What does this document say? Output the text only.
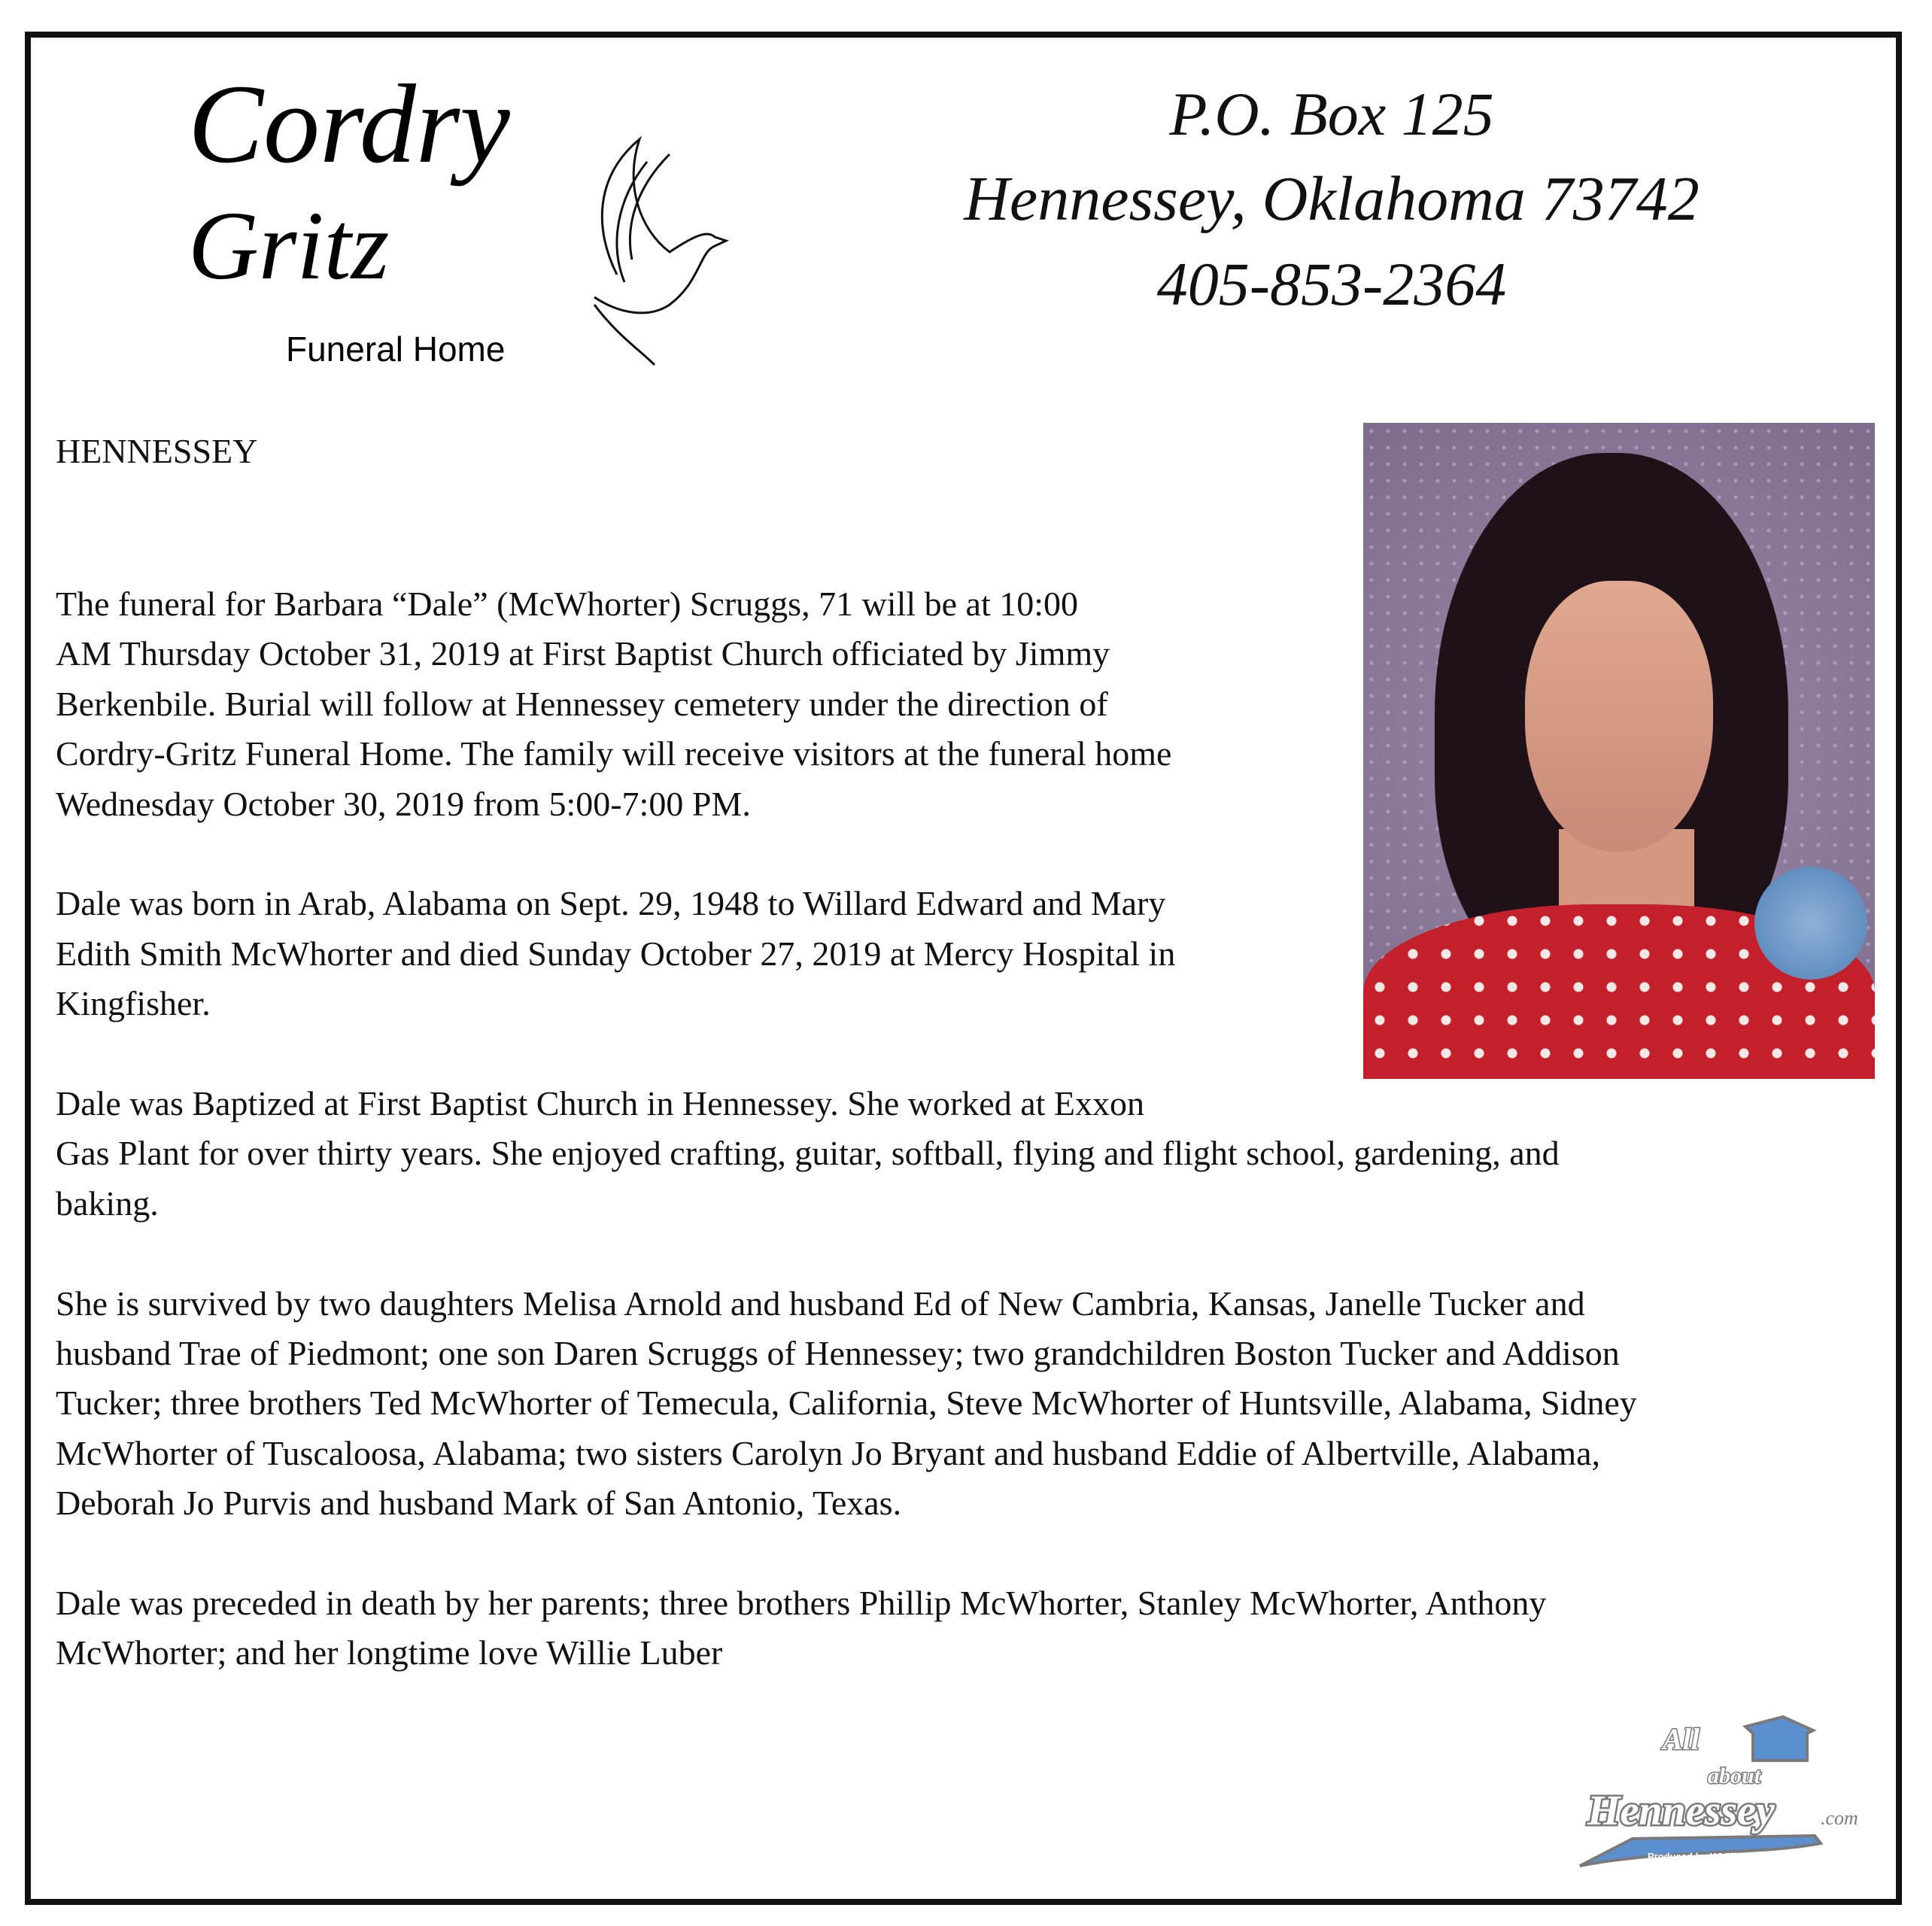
Cordry
Gritz
Funeral Home
P.O. Box 125
Hennessey, Oklahoma 73742
405-853-2364
HENNESSEY
The funeral for Barbara “Dale” (McWhorter) Scruggs, 71 will be at 10:00
AM Thursday October 31, 2019 at First Baptist Church officiated by Jimmy
Berkenbile. Burial will follow at Hennessey cemetery under the direction of
Cordry-Gritz Funeral Home. The family will receive visitors at the funeral home
Wednesday October 30, 2019 from 5:00-7:00 PM.
Dale was born in Arab, Alabama on Sept. 29, 1948 to Willard Edward and Mary
Edith Smith McWhorter and died Sunday October 27, 2019 at Mercy Hospital in
Kingfisher.
Dale was Baptized at First Baptist Church in Hennessey. She worked at Exxon
Gas Plant for over thirty years. She enjoyed crafting, guitar, softball, flying and flight school, gardening, and
baking.
She is survived by two daughters Melisa Arnold and husband Ed of New Cambria, Kansas, Janelle Tucker and
husband Trae of Piedmont; one son Daren Scruggs of Hennessey; two grandchildren Boston Tucker and Addison
Tucker; three brothers Ted McWhorter of Temecula, California, Steve McWhorter of Huntsville, Alabama, Sidney
McWhorter of Tuscaloosa, Alabama; two sisters Carolyn Jo Bryant and husband Eddie of Albertville, Alabama,
Deborah Jo Purvis and husband Mark of San Antonio, Texas.
Dale was preceded in death by her parents; three brothers Phillip McWhorter, Stanley McWhorter, Anthony
McWhorter; and her longtime love Willie Luber
All
about
Hennessey .com
Produced by KJ Filmworks
